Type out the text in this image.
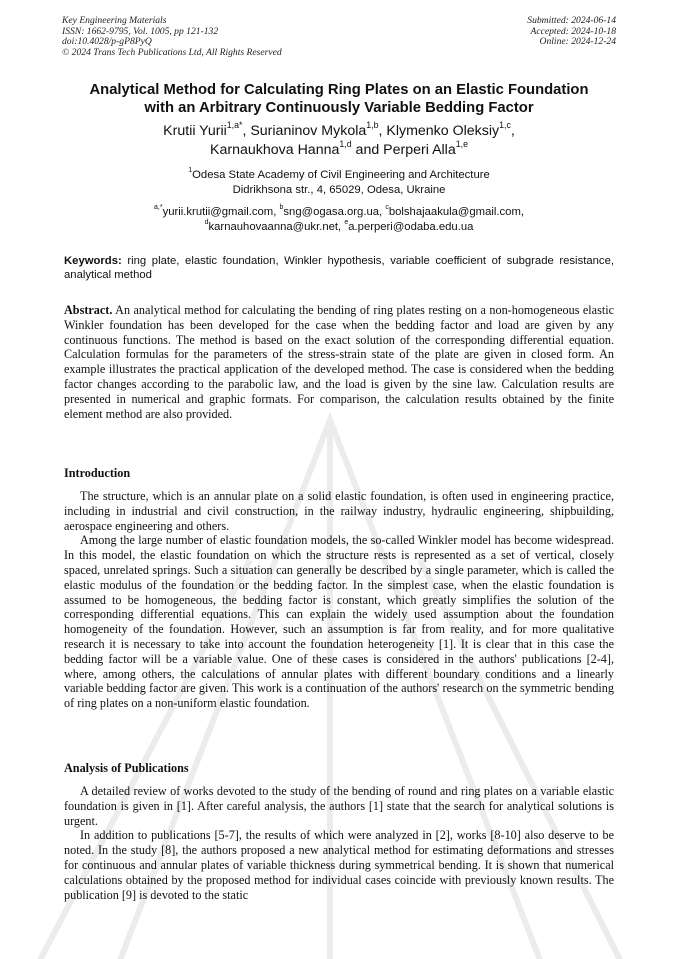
Key Engineering Materials
ISSN: 1662-9795, Vol. 1005, pp 121-132
doi:10.4028/p-gP8PyQ
© 2024 Trans Tech Publications Ltd, All Rights Reserved
Submitted: 2024-06-14
Accepted: 2024-10-18
Online: 2024-12-24
Analytical Method for Calculating Ring Plates on an Elastic Foundation
with an Arbitrary Continuously Variable Bedding Factor
Krutii Yurii$^{1,a*}$, Surianinov Mykola$^{1,b}$, Klymenko Oleksiy$^{1,c}$,
Karnaukhova Hanna$^{1,d}$ and Perperi Alla$^{1,e}$
$^1$Odesa State Academy of Civil Engineering and Architecture
Didrikhsona str., 4, 65029, Odesa, Ukraine
$^{a,*}$yurii.krutii@gmail.com, $^b$sng@ogasa.org.ua, $^c$bolshajaakula@gmail.com,
$^d$karnauhovaanna@ukr.net, $^e$a.perperi@odaba.edu.ua
Keywords: ring plate, elastic foundation, Winkler hypothesis, variable coefficient of subgrade resistance, analytical method

Abstract. An analytical method for calculating the bending of ring plates resting on a non-homogeneous elastic Winkler foundation has been developed for the case when the bedding factor and load are given by any continuous functions. The method is based on the exact solution of the corresponding differential equation. Calculation formulas for the parameters of the stress-strain state of the plate are given in closed form. An example illustrates the practical application of the developed method. The case is considered when the bedding factor changes according to the parabolic law, and the load is given by the sine law. Calculation results are presented in numerical and graphic formats. For comparison, the calculation results obtained by the finite element method are also provided.

Introduction

The structure, which is an annular plate on a solid elastic foundation, is often used in engineering practice, including in industrial and civil construction, in the railway industry, hydraulic engineering, shipbuilding, aerospace engineering and others.

Among the large number of elastic foundation models, the so-called Winkler model has become widespread. In this model, the elastic foundation on which the structure rests is represented as a set of vertical, closely spaced, unrelated springs. Such a situation can generally be described by a single parameter, which is called the elastic modulus of the foundation or the bedding factor. In the simplest case, when the elastic foundation is assumed to be homogeneous, the bedding factor is constant, which greatly simplifies the solution of the corresponding differential equations. This can explain the widely used assumption about the foundation homogeneity of the foundation. However, such an assumption is far from reality, and for more qualitative research it is necessary to take into account the foundation heterogeneity [1]. It is clear that in this case the bedding factor will be a variable value. One of these cases is considered in the authors' publications [2-4], where, among others, the calculations of annular plates with different boundary conditions and a linearly variable bedding factor are given. This work is a continuation of the authors' research on the symmetric bending of ring plates on a non-uniform elastic foundation.

Analysis of Publications

A detailed review of works devoted to the study of the bending of round and ring plates on a variable elastic foundation is given in [1]. After careful analysis, the authors [1] state that the search for analytical solutions is urgent.

In addition to publications [5-7], the results of which were analyzed in [2], works [8-10] also deserve to be noted. In the study [8], the authors proposed a new analytical method for estimating deformations and stresses for continuous and annular plates of variable thickness during symmetrical bending. It is shown that numerical calculations obtained by the proposed method for individual cases coincide with previously known results. The publication [9] is devoted to the static
